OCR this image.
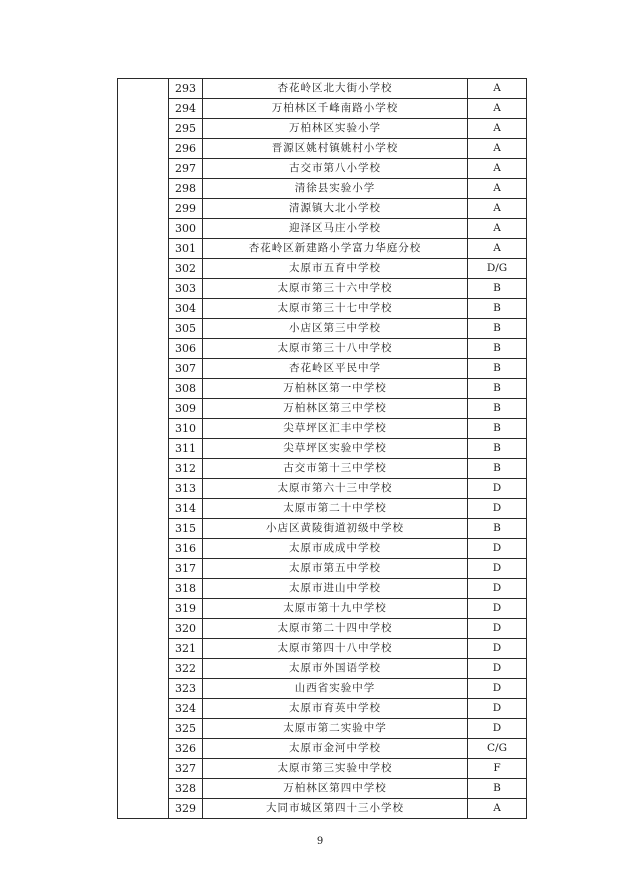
	293	杏花岭区北大街小学校	A
	294	万柏林区千峰南路小学校	A
	295	万柏林区实验小学	A
	296	晋源区姚村镇姚村小学校	A
	297	古交市第八小学校	A
	298	清徐县实验小学	A
	299	清源镇大北小学校	A
	300	迎泽区马庄小学校	A
	301	杏花岭区新建路小学富力华庭分校	A
	302	太原市五育中学校	D/G
	303	太原市第三十六中学校	B
	304	太原市第三十七中学校	B
	305	小店区第三中学校	B
	306	太原市第三十八中学校	B
	307	杏花岭区平民中学	B
	308	万柏林区第一中学校	B
	309	万柏林区第三中学校	B
	310	尖草坪区汇丰中学校	B
	311	尖草坪区实验中学校	B
	312	古交市第十三中学校	B
	313	太原市第六十三中学校	D
	314	太原市第二十中学校	D
	315	小店区黄陵街道初级中学校	B
	316	太原市成成中学校	D
	317	太原市第五中学校	D
	318	太原市进山中学校	D
	319	太原市第十九中学校	D
	320	太原市第二十四中学校	D
	321	太原市第四十八中学校	D
	322	太原市外国语学校	D
	323	山西省实验中学	D
	324	太原市育英中学校	D
	325	太原市第二实验中学	D
	326	太原市金河中学校	C/G
	327	太原市第三实验中学校	F
	328	万柏林区第四中学校	B
	329	大同市城区第四十三小学校	A
9
